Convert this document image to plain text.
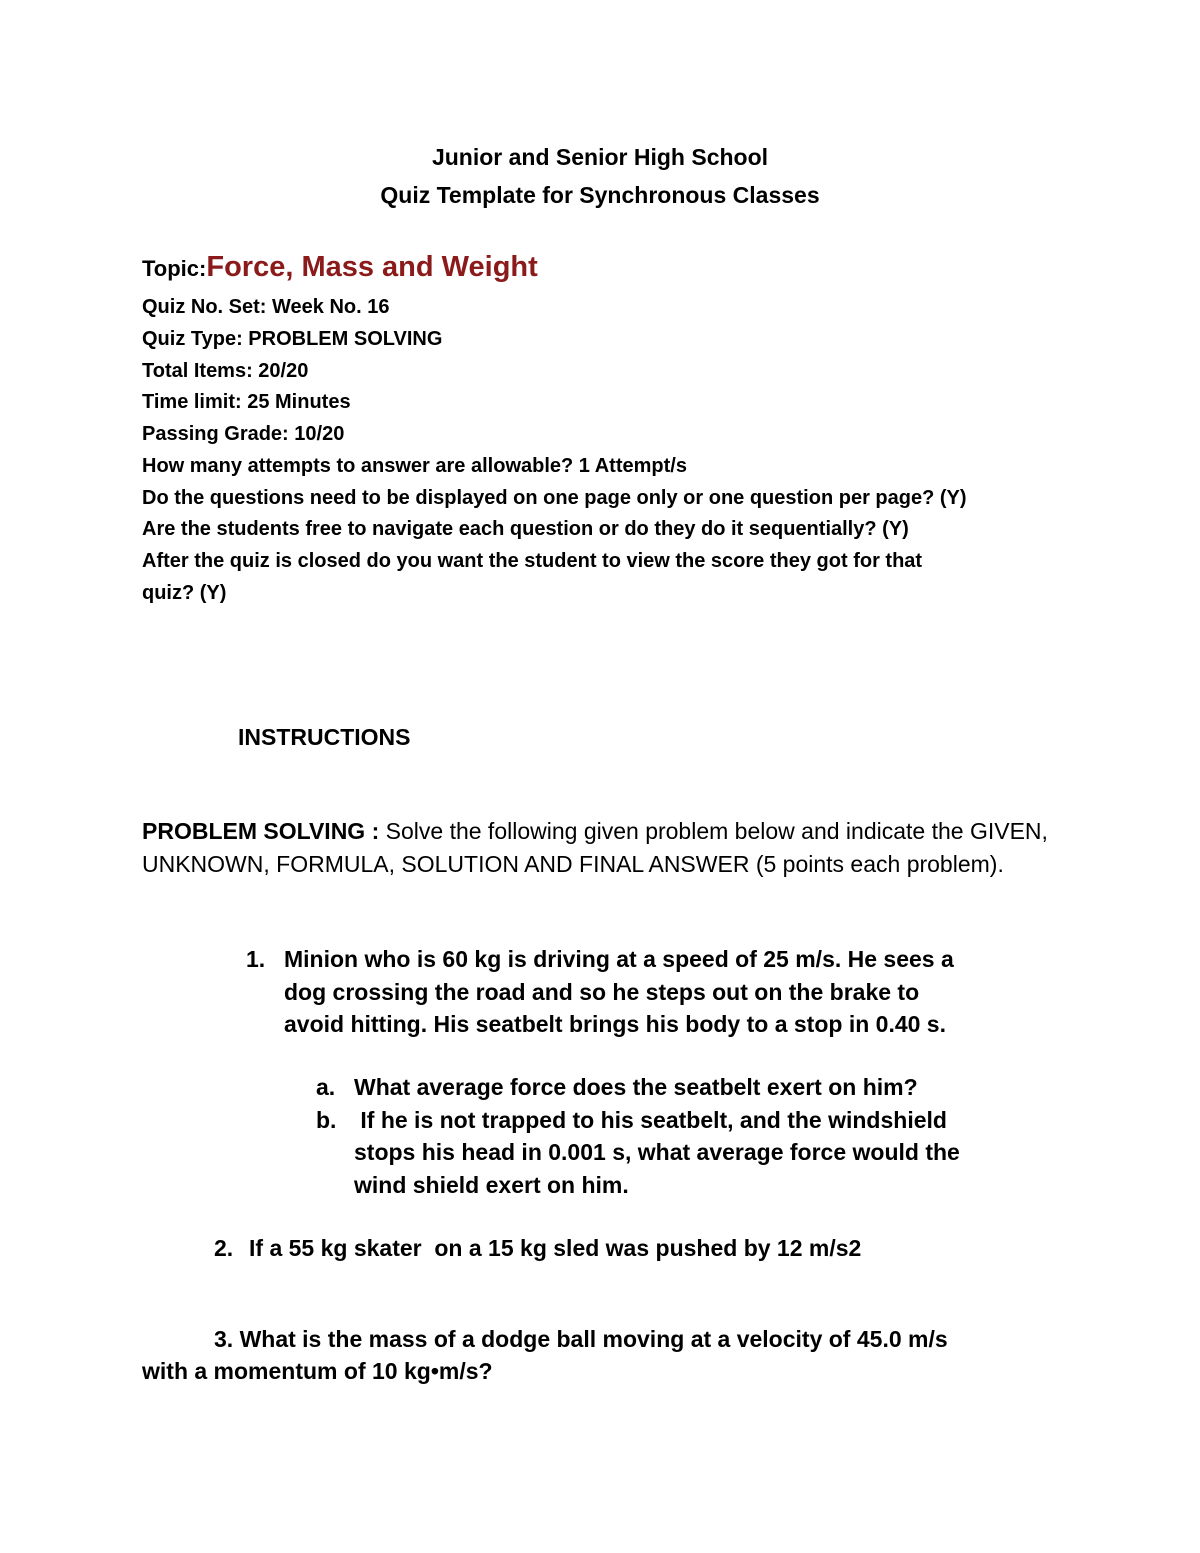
Junior and Senior High School
Quiz Template for Synchronous Classes
Topic:Force, Mass and Weight
Quiz No. Set: Week No. 16
Quiz Type: PROBLEM SOLVING
Total Items: 20/20
Time limit: 25 Minutes
Passing Grade: 10/20
How many attempts to answer are allowable? 1 Attempt/s
Do the questions need to be displayed on one page only or one question per page? (Y)
Are the students free to navigate each question or do they do it sequentially? (Y)
After the quiz is closed do you want the student to view the score they got for that
quiz? (Y)
INSTRUCTIONS
PROBLEM SOLVING : Solve the following given problem below and indicate the GIVEN, UNKNOWN, FORMULA, SOLUTION AND FINAL ANSWER (5 points each problem).
1. Minion who is 60 kg is driving at a speed of 25 m/s. He sees a
dog crossing the road and so he steps out on the brake to
avoid hitting. His seatbelt brings his body to a stop in 0.40 s.
a. What average force does the seatbelt exert on him?
b. If he is not trapped to his seatbelt, and the windshield
stops his head in 0.001 s, what average force would the
wind shield exert on him.
2. If a 55 kg skater  on a 15 kg sled was pushed by 12 m/s2
3. What is the mass of a dodge ball moving at a velocity of 45.0 m/s
with a momentum of 10 kg•m/s?
